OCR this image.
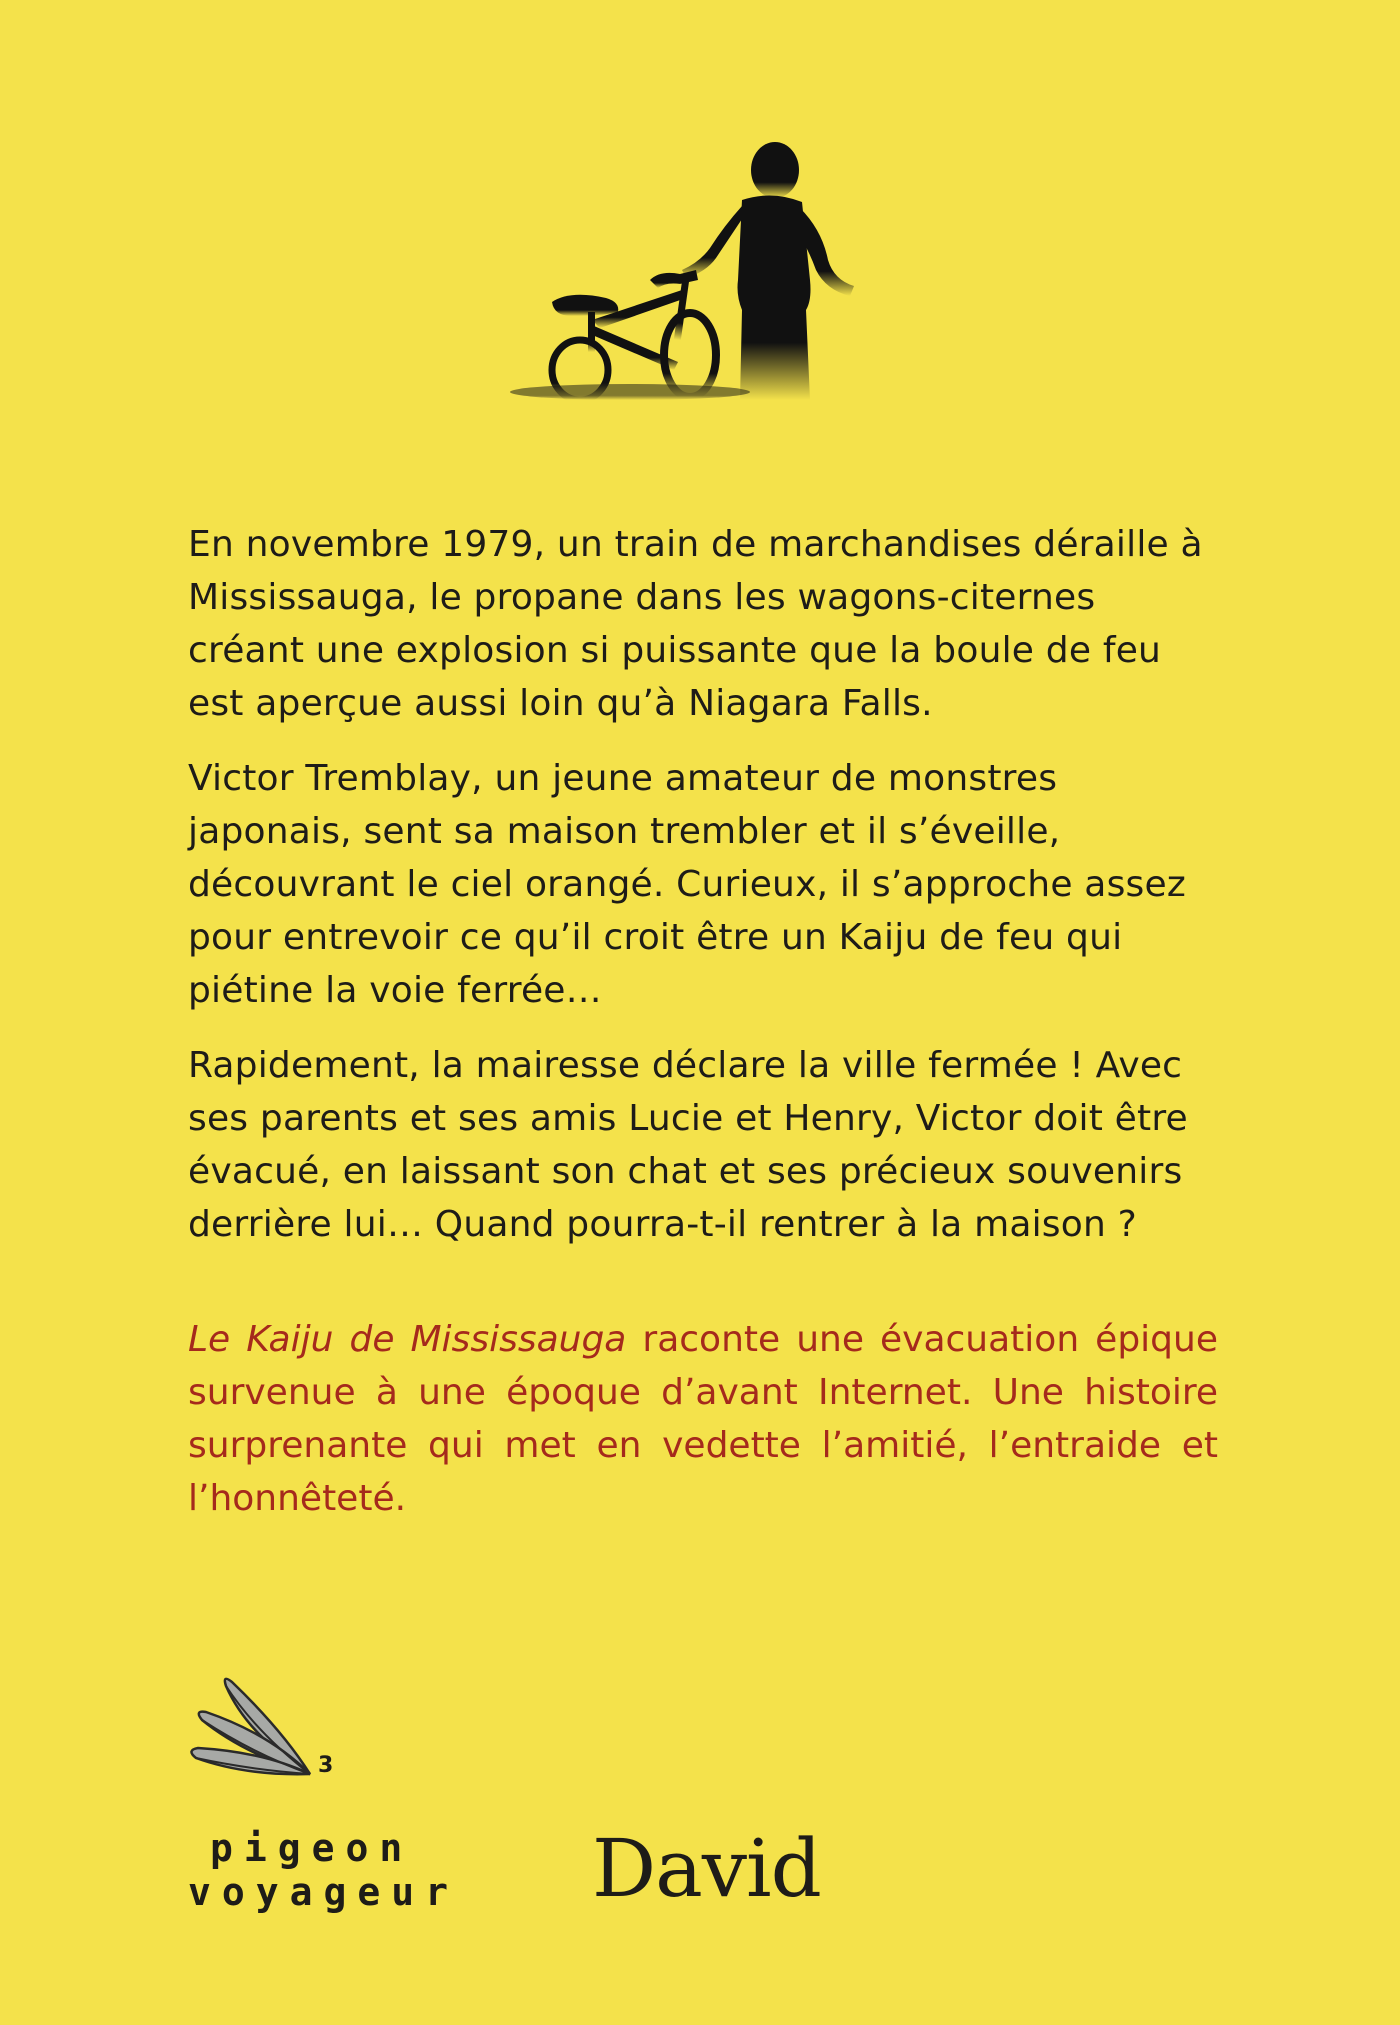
En novembre 1979, un train de marchandises déraille à Mississauga, le propane dans les wagons-citernes créant une explosion si puissante que la boule de feu est aperçue aussi loin qu’à Niagara Falls.

Victor Tremblay, un jeune amateur de monstres japonais, sent sa maison trembler et il s’éveille, découvrant le ciel orangé. Curieux, il s’approche assez pour entrevoir ce qu’il croit être un Kaiju de feu qui piétine la voie ferrée…

Rapidement, la mairesse déclare la ville fermée ! Avec ses parents et ses amis Lucie et Henry, Victor doit être évacué, en laissant son chat et ses précieux souvenirs derrière lui… Quand pourra-t-il rentrer à la maison ?

Le Kaiju de Mississauga raconte une évacuation épique survenue à une époque d’avant Internet. Une histoire surprenante qui met en vedette l’amitié, l’entraide et l’honnêteté.

3
pigeon
voyageur David
